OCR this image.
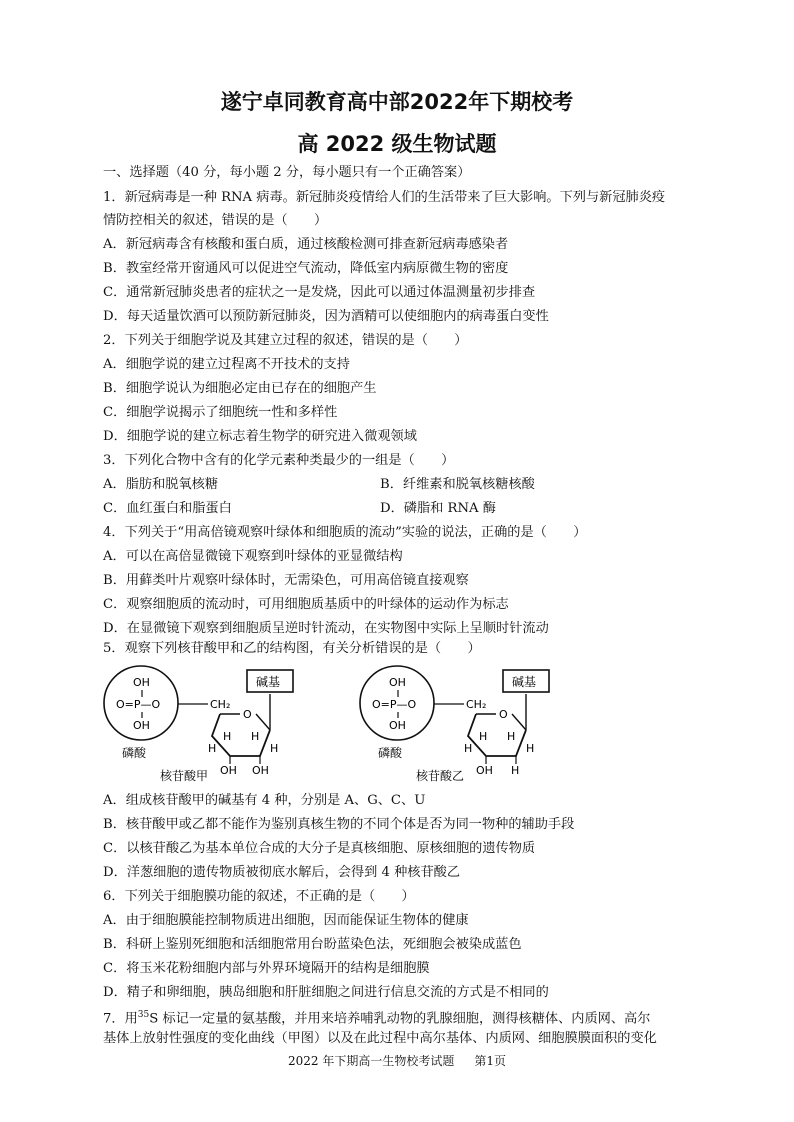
遂宁卓同教育高中部2022年下期校考
高 2022 级生物试题
一、选择题（40 分，每小题 2 分，每小题只有一个正确答案）
1．新冠病毒是一种 RNA 病毒。新冠肺炎疫情给人们的生活带来了巨大影响。下列与新冠肺炎疫
情防控相关的叙述，错误的是（　　）
A．新冠病毒含有核酸和蛋白质，通过核酸检测可排查新冠病毒感染者
B．教室经常开窗通风可以促进空气流动，降低室内病原微生物的密度
C．通常新冠肺炎患者的症状之一是发烧，因此可以通过体温测量初步排查
D．每天适量饮酒可以预防新冠肺炎，因为酒精可以使细胞内的病毒蛋白变性
2．下列关于细胞学说及其建立过程的叙述，错误的是（　　）
A．细胞学说的建立过程离不开技术的支持
B．细胞学说认为细胞必定由已存在的细胞产生
C．细胞学说揭示了细胞统一性和多样性
D．细胞学说的建立标志着生物学的研究进入微观领域
3．下列化合物中含有的化学元素种类最少的一组是（　　）
A．脂肪和脱氧核糖	B．纤维素和脱氧核糖核酸
C．血红蛋白和脂蛋白	D．磷脂和 RNA 酶
4．下列关于“用高倍镜观察叶绿体和细胞质的流动”实验的说法，正确的是（　　）
A．可以在高倍显微镜下观察到叶绿体的亚显微结构
B．用藓类叶片观察叶绿体时，无需染色，可用高倍镜直接观察
C．观察细胞质的流动时，可用细胞质基质中的叶绿体的运动作为标志
D．在显微镜下观察到细胞质呈逆时针流动，在实物图中实际上呈顺时针流动
5．观察下列核苷酸甲和乙的结构图，有关分析错误的是（　　）
OH
O=P—O
OH
CH₂
O
碱基
H
H H
H
OH OH
磷酸
核苷酸甲
OH
O=P—O
OH
CH₂
O
碱基
H
H H
H
OH H
磷酸
核苷酸乙
A．组成核苷酸甲的碱基有 4 种，分别是 A、G、C、U
B．核苷酸甲或乙都不能作为鉴别真核生物的不同个体是否为同一物种的辅助手段
C．以核苷酸乙为基本单位合成的大分子是真核细胞、原核细胞的遗传物质
D．洋葱细胞的遗传物质被彻底水解后，会得到 4 种核苷酸乙
6．下列关于细胞膜功能的叙述，不正确的是（　　）
A．由于细胞膜能控制物质进出细胞，因而能保证生物体的健康
B．科研上鉴别死细胞和活细胞常用台盼蓝染色法，死细胞会被染成蓝色
C．将玉米花粉细胞内部与外界环境隔开的结构是细胞膜
D．精子和卵细胞，胰岛细胞和肝脏细胞之间进行信息交流的方式是不相同的
7．用$^{35}$S 标记一定量的氨基酸，并用来培养哺乳动物的乳腺细胞，测得核糖体、内质网、高尔
基体上放射性强度的变化曲线（甲图）以及在此过程中高尔基体、内质网、细胞膜膜面积的变化
2022 年下期高一生物校考试题 第1页
